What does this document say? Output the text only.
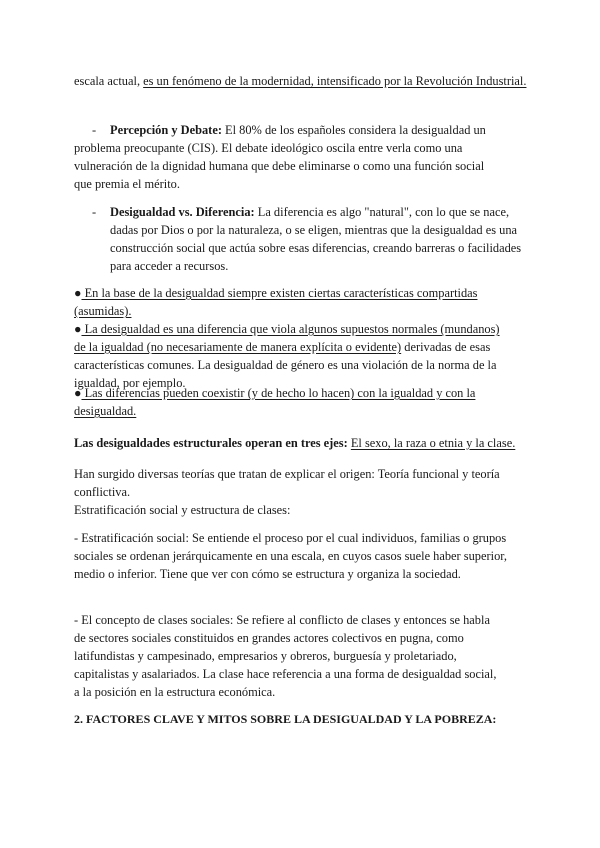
escala actual, es un fenómeno de la modernidad, intensificado por la Revolución Industrial.
- Percepción y Debate: El 80% de los españoles considera la desigualdad un problema preocupante (CIS). El debate ideológico oscila entre verla como una vulneración de la dignidad humana que debe eliminarse o como una función social que premia el mérito.
- Desigualdad vs. Diferencia: La diferencia es algo "natural", con lo que se nace, dadas por Dios o por la naturaleza, o se eligen, mientras que la desigualdad es una construcción social que actúa sobre esas diferencias, creando barreras o facilidades para acceder a recursos.
● En la base de la desigualdad siempre existen ciertas características compartidas (asumidas).
● La desigualdad es una diferencia que viola algunos supuestos normales (mundanos) de la igualdad (no necesariamente de manera explícita o evidente) derivadas de esas características comunes. La desigualdad de género es una violación de la norma de la igualdad, por ejemplo.
● Las diferencias pueden coexistir (y de hecho lo hacen) con la igualdad y con la desigualdad.
Las desigualdades estructurales operan en tres ejes: El sexo, la raza o etnia y la clase.
Han surgido diversas teorías que tratan de explicar el origen: Teoría funcional y teoría conflictiva.
Estratificación social y estructura de clases:
- Estratificación social: Se entiende el proceso por el cual individuos, familias o grupos sociales se ordenan jerárquicamente en una escala, en cuyos casos suele haber superior, medio o inferior. Tiene que ver con cómo se estructura y organiza la sociedad.
- El concepto de clases sociales: Se refiere al conflicto de clases y entonces se habla de sectores sociales constituidos en grandes actores colectivos en pugna, como latifundistas y campesinado, empresarios y obreros, burguesía y proletariado, capitalistas y asalariados. La clase hace referencia a una forma de desigualdad social, a la posición en la estructura económica.
2. FACTORES CLAVE Y MITOS SOBRE LA DESIGUALDAD Y LA POBREZA:
